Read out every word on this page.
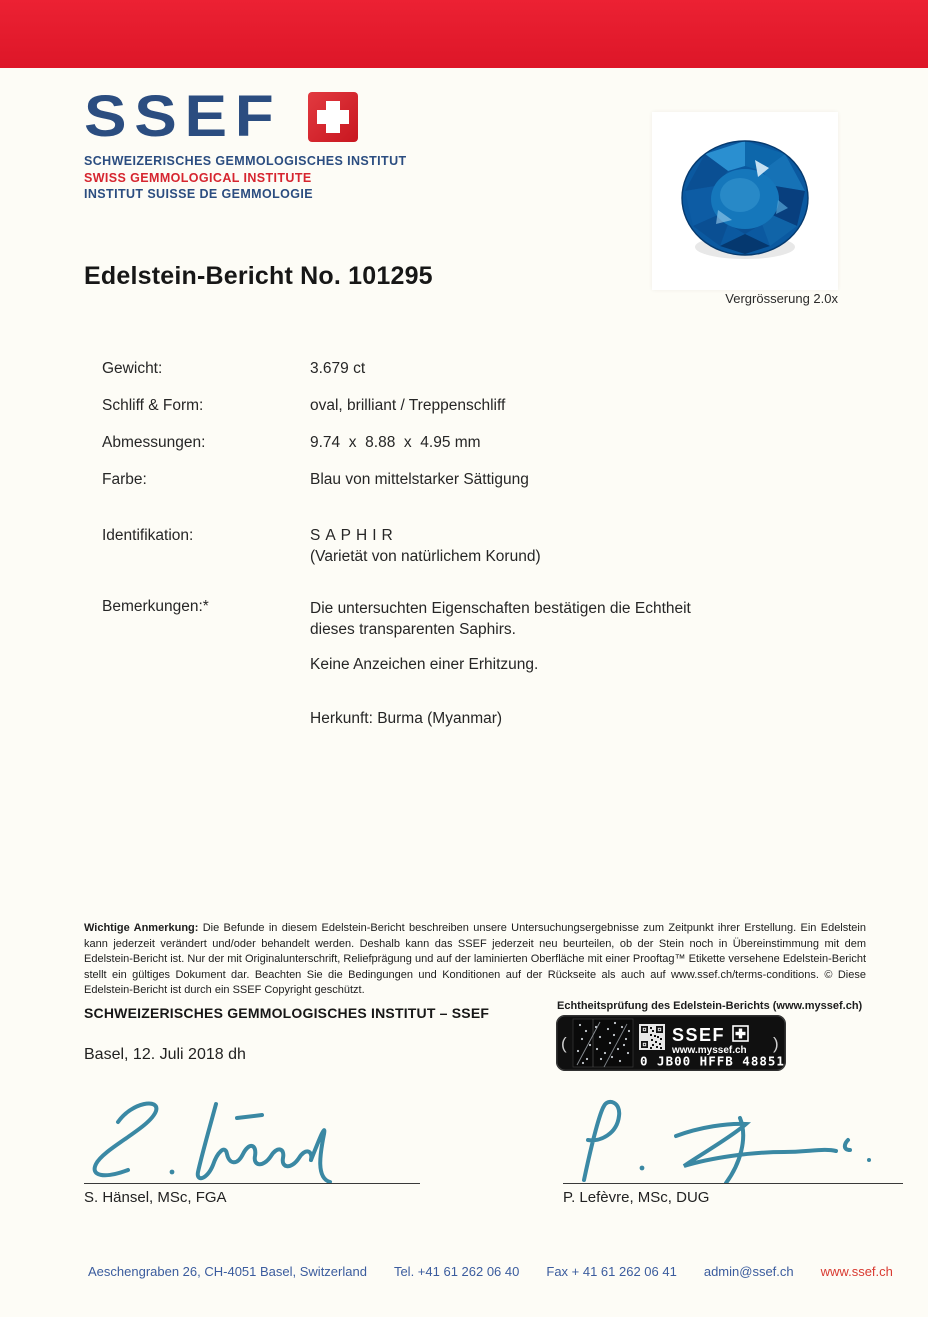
SSEF
SCHWEIZERISCHES GEMMOLOGISCHES INSTITUT
SWISS GEMMOLOGICAL INSTITUTE
INSTITUT SUISSE DE GEMMOLOGIE
Vergrösserung 2.0x
Edelstein-Bericht No. 101295
Gewicht:	3.679 ct
Schliff & Form:	oval, brilliant / Treppenschliff
Abmessungen:	9.74  x  8.88  x  4.95 mm
Farbe:	Blau von mittelstarker Sättigung
Identifikation:	SAPHIR
(Varietät von natürlichem Korund)
Bemerkungen:*	Die untersuchten Eigenschaften bestätigen die Echtheit
dieses transparenten Saphirs.
Keine Anzeichen einer Erhitzung.
Herkunft: Burma (Myanmar)

Wichtige Anmerkung: Die Befunde in diesem Edelstein-Bericht beschreiben unsere Untersuchungsergebnisse zum Zeitpunkt ihrer Erstellung. Ein Edelstein kann jederzeit verändert und/oder behandelt werden. Deshalb kann das SSEF jederzeit neu beurteilen, ob der Stein noch in Übereinstimmung mit dem Edelstein-Bericht ist. Nur der mit Originalunterschrift, Reliefprägung und auf der laminierten Oberfläche mit einer Prooftag™ Etikette versehene Edelstein-Bericht stellt ein gültiges Dokument dar. Beachten Sie die Bedingungen und Konditionen auf der Rückseite als auch auf www.ssef.ch/terms-conditions. © Diese Edelstein-Bericht ist durch ein SSEF Copyright geschützt.

SCHWEIZERISCHES GEMMOLOGISCHES INSTITUT – SSEF
Basel, 12. Juli 2018 dh
Echtheitsprüfung des Edelstein-Berichts (www.myssef.ch)
(	)
SSEF
www.myssef.ch
0 JB00 HFFB 48851
S. Hänsel, MSc, FGA	P. Lefèvre, MSc, DUG
Aeschengraben 26, CH-4051 Basel, Switzerland Tel. +41 61 262 06 40 Fax + 41 61 262 06 41 admin@ssef.ch www.ssef.ch
